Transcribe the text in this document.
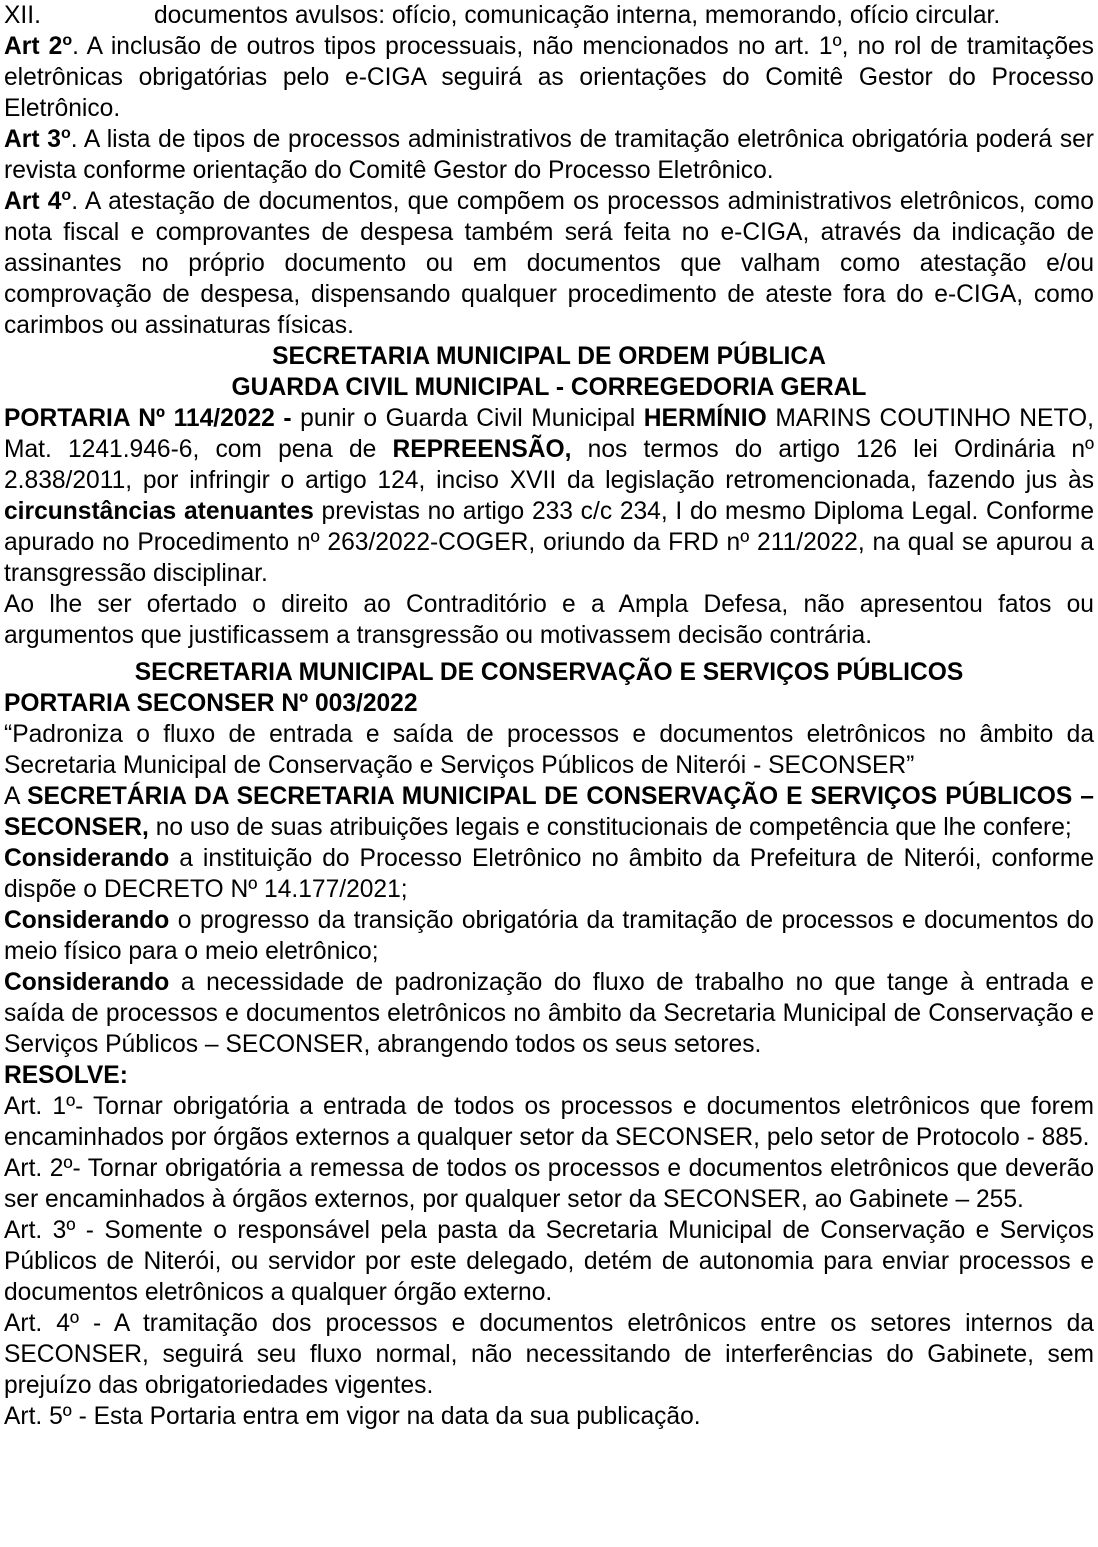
XII.	documentos avulsos: ofício, comunicação interna, memorando, ofício circular.

Art 2$^o$. A inclusão de outros tipos processuais, não mencionados no art. 1º, no rol de tramitações eletrônicas obrigatórias pelo e-CIGA seguirá as orientações do Comitê Gestor do Processo Eletrônico.

Art 3$^o$. A lista de tipos de processos administrativos de tramitação eletrônica obrigatória poderá ser revista conforme orientação do Comitê Gestor do Processo Eletrônico.

Art 4$^o$. A atestação de documentos, que compõem os processos administrativos eletrônicos, como nota fiscal e comprovantes de despesa também será feita no e-CIGA, através da indicação de assinantes no próprio documento ou em documentos que valham como atestação e/ou comprovação de despesa, dispensando qualquer procedimento de ateste fora do e-CIGA, como carimbos ou assinaturas físicas.

SECRETARIA MUNICIPAL DE ORDEM PÚBLICA

GUARDA CIVIL MUNICIPAL - CORREGEDORIA GERAL

PORTARIA Nº 114/2022 - punir o Guarda Civil Municipal HERMÍNIO MARINS COUTINHO NETO, Mat. 1241.946-6, com pena de REPREENSÃO, nos termos do artigo 126 lei Ordinária nº 2.838/2011, por infringir o artigo 124, inciso XVII da legislação retromencionada, fazendo jus às circunstâncias atenuantes previstas no artigo 233 c/c 234, I do mesmo Diploma Legal. Conforme apurado no Procedimento nº 263/2022-COGER, oriundo da FRD nº 211/2022, na qual se apurou a transgressão disciplinar.

Ao lhe ser ofertado o direito ao Contraditório e a Ampla Defesa, não apresentou fatos ou argumentos que justificassem a transgressão ou motivassem decisão contrária.

SECRETARIA MUNICIPAL DE CONSERVAÇÃO E SERVIÇOS PÚBLICOS

PORTARIA SECONSER Nº 003/2022

“Padroniza o fluxo de entrada e saída de processos e documentos eletrônicos no âmbito da Secretaria Municipal de Conservação e Serviços Públicos de Niterói - SECONSER”

A SECRETÁRIA DA SECRETARIA MUNICIPAL DE CONSERVAÇÃO E SERVIÇOS PÚBLICOS – SECONSER, no uso de suas atribuições legais e constitucionais de competência que lhe confere;

Considerando a instituição do Processo Eletrônico no âmbito da Prefeitura de Niterói, conforme dispõe o DECRETO Nº 14.177/2021;

Considerando o progresso da transição obrigatória da tramitação de processos e documentos do meio físico para o meio eletrônico;

Considerando a necessidade de padronização do fluxo de trabalho no que tange à entrada e saída de processos e documentos eletrônicos no âmbito da Secretaria Municipal de Conservação e Serviços Públicos – SECONSER, abrangendo todos os seus setores.

RESOLVE:

Art. 1º- Tornar obrigatória a entrada de todos os processos e documentos eletrônicos que forem encaminhados por órgãos externos a qualquer setor da SECONSER, pelo setor de Protocolo - 885.

Art. 2º- Tornar obrigatória a remessa de todos os processos e documentos eletrônicos que deverão ser encaminhados à órgãos externos, por qualquer setor da SECONSER, ao Gabinete – 255.

Art. 3º - Somente o responsável pela pasta da Secretaria Municipal de Conservação e Serviços Públicos de Niterói, ou servidor por este delegado, detém de autonomia para enviar processos e documentos eletrônicos a qualquer órgão externo.

Art. 4º - A tramitação dos processos e documentos eletrônicos entre os setores internos da SECONSER, seguirá seu fluxo normal, não necessitando de interferências do Gabinete, sem prejuízo das obrigatoriedades vigentes.

Art. 5º - Esta Portaria entra em vigor na data da sua publicação.
